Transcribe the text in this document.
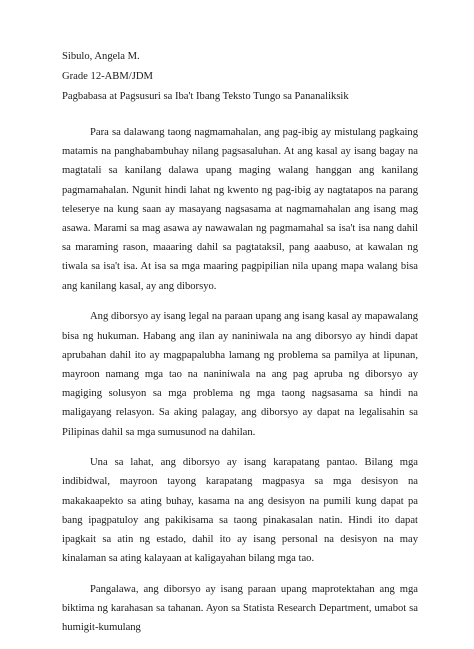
Sibulo, Angela M.
Grade 12-ABM/JDM
Pagbabasa at Pagsusuri sa Iba't Ibang Teksto Tungo sa Pananaliksik

Para sa dalawang taong nagmamahalan, ang pag-ibig ay mistulang pagkaing matamis na panghabambuhay nilang pagsasaluhan. At ang kasal ay isang bagay na magtatali sa kanilang dalawa upang maging walang hanggan ang kanilang pagmamahalan. Ngunit hindi lahat ng kwento ng pag-ibig ay nagtatapos na parang teleserye na kung saan ay masayang nagsasama at nagmamahalan ang isang mag asawa. Marami sa mag asawa ay nawawalan ng pagmamahal sa isa't isa nang dahil sa maraming rason, maaaring dahil sa pagtataksil, pang aaabuso, at kawalan ng tiwala sa isa't isa. At isa sa mga maaring pagpipilian nila upang mapa walang bisa ang kanilang kasal, ay ang diborsyo.

Ang diborsyo ay isang legal na paraan upang ang isang kasal ay mapawalang bisa ng hukuman. Habang ang ilan ay naniniwala na ang diborsyo ay hindi dapat aprubahan dahil ito ay magpapalubha lamang ng problema sa pamilya at lipunan, mayroon namang mga tao na naniniwala na ang pag apruba ng diborsyo ay magiging solusyon sa mga problema ng mga taong nagsasama sa hindi na maligayang relasyon. Sa aking palagay, ang diborsyo ay dapat na legalisahin sa Pilipinas dahil sa mga sumusunod na dahilan.

Una sa lahat, ang diborsyo ay isang karapatang pantao. Bilang mga indibidwal, mayroon tayong karapatang magpasya sa mga desisyon na makakaapekto sa ating buhay, kasama na ang desisyon na pumili kung dapat pa bang ipagpatuloy ang pakikisama sa taong pinakasalan natin. Hindi ito dapat ipagkait sa atin ng estado, dahil ito ay isang personal na desisyon na may kinalaman sa ating kalayaan at kaligayahan bilang mga tao.

Pangalawa, ang diborsyo ay isang paraan upang maprotektahan ang mga biktima ng karahasan sa tahanan. Ayon sa Statista Research Department, umabot sa humigit-kumulang
